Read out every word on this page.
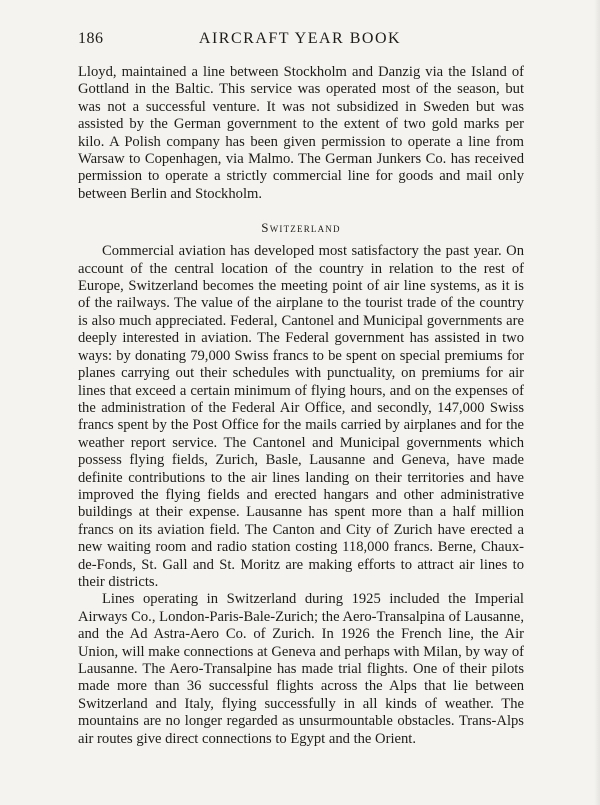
186	AIRCRAFT YEAR BOOK

Lloyd, maintained a line between Stockholm and Danzig via the Island of Gottland in the Baltic. This service was operated most of the season, but was not a successful venture. It was not subsidized in Sweden but was assisted by the German government to the extent of two gold marks per kilo. A Polish company has been given permission to operate a line from Warsaw to Copenhagen, via Malmo. The German Junkers Co. has received permission to operate a strictly commercial line for goods and mail only between Berlin and Stockholm.

Switzerland

Commercial aviation has developed most satisfactory the past year. On account of the central location of the country in relation to the rest of Europe, Switzerland becomes the meeting point of air line systems, as it is of the railways. The value of the airplane to the tourist trade of the country is also much appreciated. Federal, Cantonel and Municipal governments are deeply interested in aviation. The Federal government has assisted in two ways: by donating 79,000 Swiss francs to be spent on special premiums for planes carrying out their schedules with punctuality, on premiums for air lines that exceed a certain minimum of flying hours, and on the expenses of the administration of the Federal Air Office, and secondly, 147,000 Swiss francs spent by the Post Office for the mails carried by airplanes and for the weather report service. The Cantonel and Municipal governments which possess flying fields, Zurich, Basle, Lausanne and Geneva, have made definite contributions to the air lines landing on their territories and have improved the flying fields and erected hangars and other administrative buildings at their expense. Lausanne has spent more than a half million francs on its aviation field. The Canton and City of Zurich have erected a new waiting room and radio station costing 118,000 francs. Berne, Chaux-de-Fonds, St. Gall and St. Moritz are making efforts to attract air lines to their districts.

Lines operating in Switzerland during 1925 included the Imperial Airways Co., London-Paris-Bale-Zurich; the Aero-Transalpina of Lausanne, and the Ad Astra-Aero Co. of Zurich. In 1926 the French line, the Air Union, will make connections at Geneva and perhaps with Milan, by way of Lausanne. The Aero-Transalpine has made trial flights. One of their pilots made more than 36 successful flights across the Alps that lie between Switzerland and Italy, flying successfully in all kinds of weather. The mountains are no longer regarded as unsurmountable obstacles. Trans-Alps air routes give direct connections to Egypt and the Orient.
